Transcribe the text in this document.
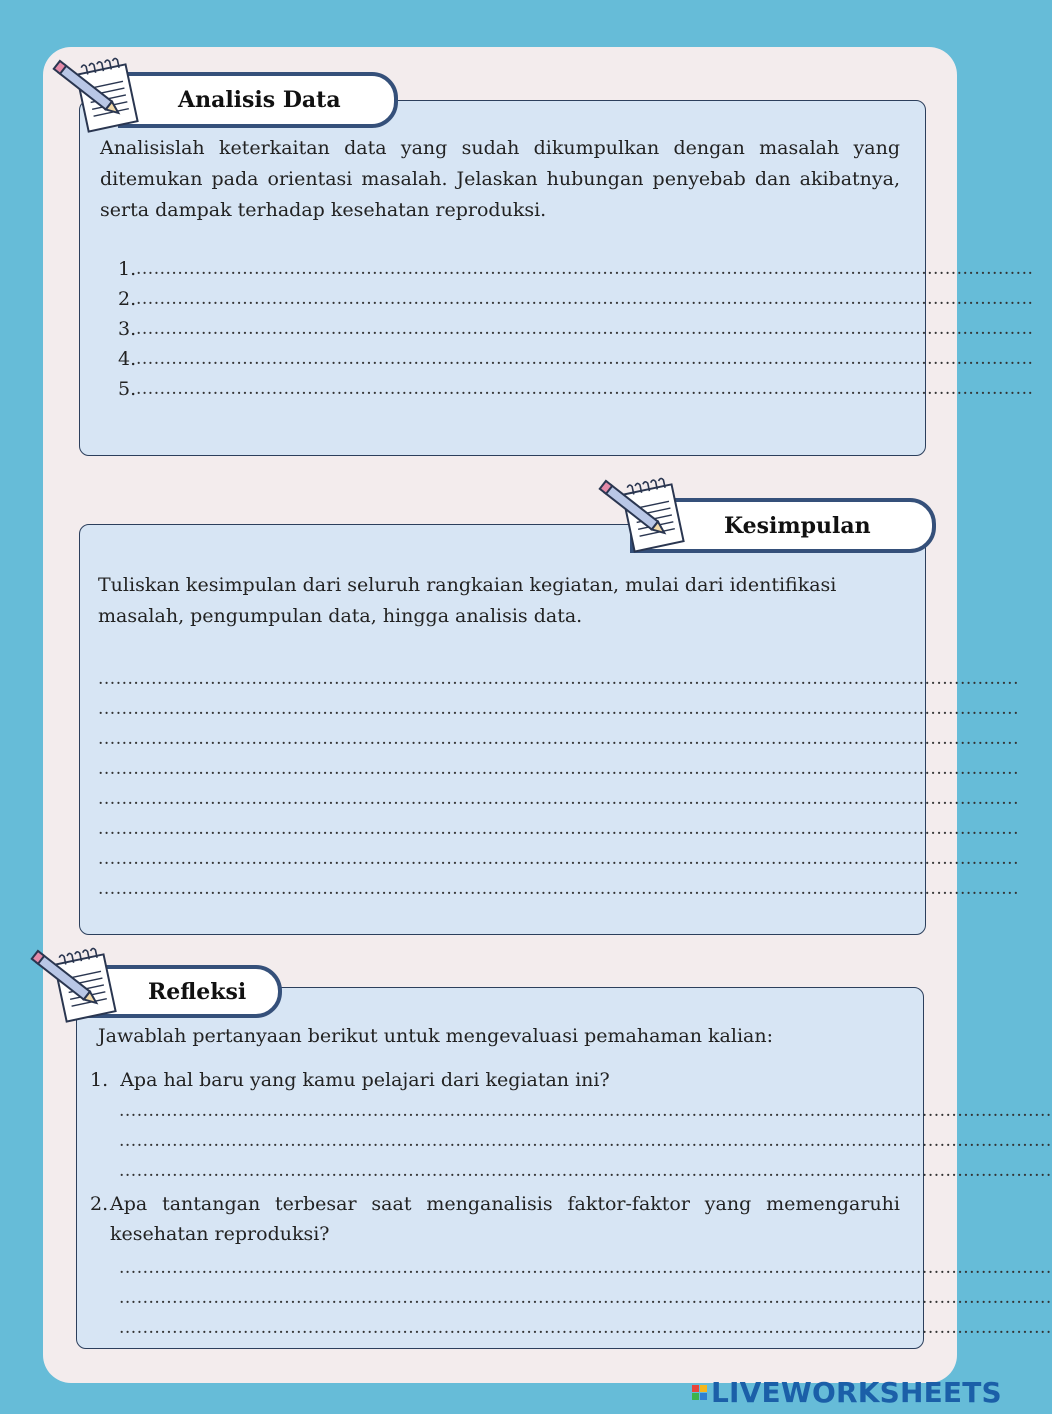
Analisis Data

Analisislah keterkaitan data yang sudah dikumpulkan dengan masalah yang ditemukan pada orientasi masalah. Jelaskan hubungan penyebab dan akibatnya, serta dampak terhadap kesehatan reproduksi.

1. ........................................................................................................................................................
2. ........................................................................................................................................................
3. ........................................................................................................................................................
4. ........................................................................................................................................................
5. ........................................................................................................................................................
Kesimpulan

Tuliskan kesimpulan dari seluruh rangkaian kegiatan, mulai dari identifikasi masalah, pengumpulan data, hingga analisis data.

............................................................................................................................................................
............................................................................................................................................................
............................................................................................................................................................
............................................................................................................................................................
............................................................................................................................................................
............................................................................................................................................................
............................................................................................................................................................
............................................................................................................................................................
Refleksi

Jawablah pertanyaan berikut untuk mengevaluasi pemahaman kalian:

1. Apa hal baru yang kamu pelajari dari kegiatan ini?
..............................................................................................................................................................
..............................................................................................................................................................
..............................................................................................................................................................
2. Apa tantangan terbesar saat menganalisis faktor-faktor yang memengaruhi kesehatan reproduksi?
..............................................................................................................................................................
..............................................................................................................................................................
..............................................................................................................................................................
LIVEWORKSHEETS
